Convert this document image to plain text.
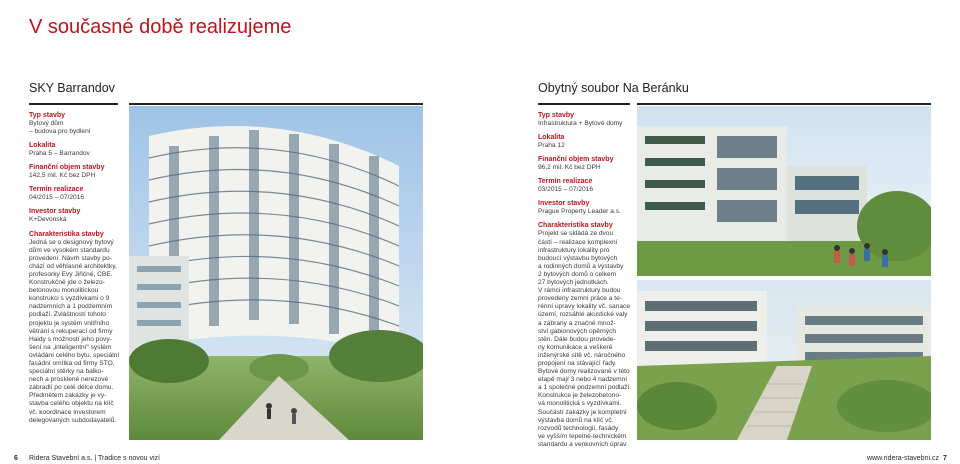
V současné době realizujeme
SKY Barrandov
Typ stavby
Bytový dům
– budova pro bydlení
Lokalita
Praha 5 – Barrandov
Finanční objem stavby
142,5 mil. Kč bez DPH
Termín realizace
04/2015 – 07/2016
Investor stavby
K+Devonská
Charakteristika stavby
Jedná se o designový bytový
dům ve vysokém standardu
provedení. Návrh stavby po-
chází od věhlasné architektky,
profesorky Evy Jiřičné, CBE.
Konstrukčně jde o železo-
betonovou monolitickou
konstrukci s vyzdívkami o 9
nadzemních a 1 podzemním
podlaží. Zvláštností tohoto
projektu je systém vnitřního
větrání s rekuperací od firmy
Haidy s možností jeho povy-
šení na „inteligentní“ systém
ovládání celého bytu, speciální
fasádní omítka od firmy STO,
speciální stěrky na balko-
nech a prosklené nerezové
zábradlí po celé délce domu.
Předmětem zakázky je vy-
stavba celého objektu na klíč
vč. koordinace investorem
delegovaných subdodavatelů.
Obytný soubor Na Beránku
Typ stavby
Infrastruktura + Bytové domy
Lokalita
Praha 12
Finanční objem stavby
96,2 mil. Kč bez DPH
Termín realizace
03/2015 – 07/2016
Investor stavby
Prague Property Leader a.s.
Charakteristika stavby
Projekt se skládá ze dvou
částí – realizace komplexní
infrastruktury lokality pro
budoucí výstavbu bytových
a rodinných domů a výstavby
2 bytových domů o celkem
27 bytových jednotkách.
V rámci infrastruktury budou
provedeny zemní práce a te-
rénní úpravy lokality vč. sanace
území, rozsáhlé akustické valy
a zábrany a značné množ-
ství gabionových opěrných
stěn. Dále budou provede-
ny komunikace a veškeré
inženýrské sítě vč. náročného
propojení na stávající řady.
Bytové domy realizované v této
etapě mají 3 nebo 4 nadzemní
a 1 společné podzemní podlaží.
Konstrukce je železobetono-
vá monolitická s vyzdívkami.
Součástí zakázky je kompletní
výstavba domů na klíč vč.
rozvodů technologií, fasády
ve vyšším tepelně-technickém
standardu a venkovních úprav.
6 Ridera Stavební a.s. | Tradice s novou vizí	www.ridera-stavebni.cz 7
